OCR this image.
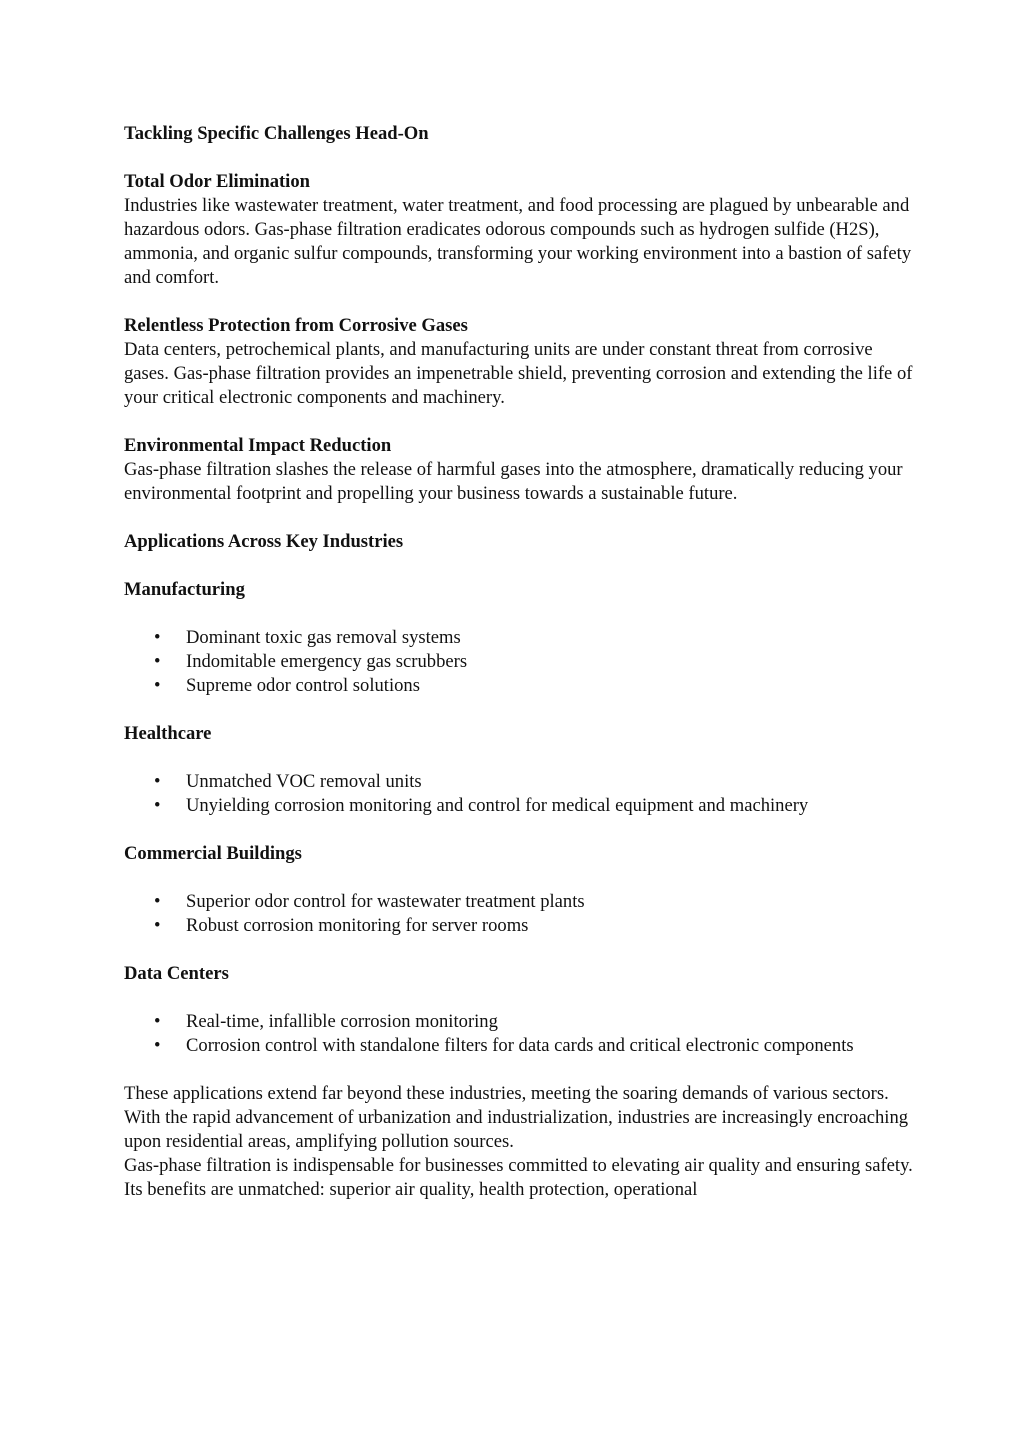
Tackling Specific Challenges Head-On

Total Odor Elimination

Industries like wastewater treatment, water treatment, and food processing are plagued by unbearable and hazardous odors. Gas-phase filtration eradicates odorous compounds such as hydrogen sulfide (H2S), ammonia, and organic sulfur compounds, transforming your working environment into a bastion of safety and comfort.

Relentless Protection from Corrosive Gases

Data centers, petrochemical plants, and manufacturing units are under constant threat from corrosive gases. Gas-phase filtration provides an impenetrable shield, preventing corrosion and extending the life of your critical electronic components and machinery.

Environmental Impact Reduction

Gas-phase filtration slashes the release of harmful gases into the atmosphere, dramatically reducing your environmental footprint and propelling your business towards a sustainable future.

Applications Across Key Industries

Manufacturing

• Dominant toxic gas removal systems
• Indomitable emergency gas scrubbers
• Supreme odor control solutions

Healthcare

• Unmatched VOC removal units
• Unyielding corrosion monitoring and control for medical equipment and machinery

Commercial Buildings

• Superior odor control for wastewater treatment plants
• Robust corrosion monitoring for server rooms

Data Centers

• Real-time, infallible corrosion monitoring
• Corrosion control with standalone filters for data cards and critical electronic components

These applications extend far beyond these industries, meeting the soaring demands of various sectors.

With the rapid advancement of urbanization and industrialization, industries are increasingly encroaching upon residential areas, amplifying pollution sources.

Gas-phase filtration is indispensable for businesses committed to elevating air quality and ensuring safety. Its benefits are unmatched: superior air quality, health protection, operational
